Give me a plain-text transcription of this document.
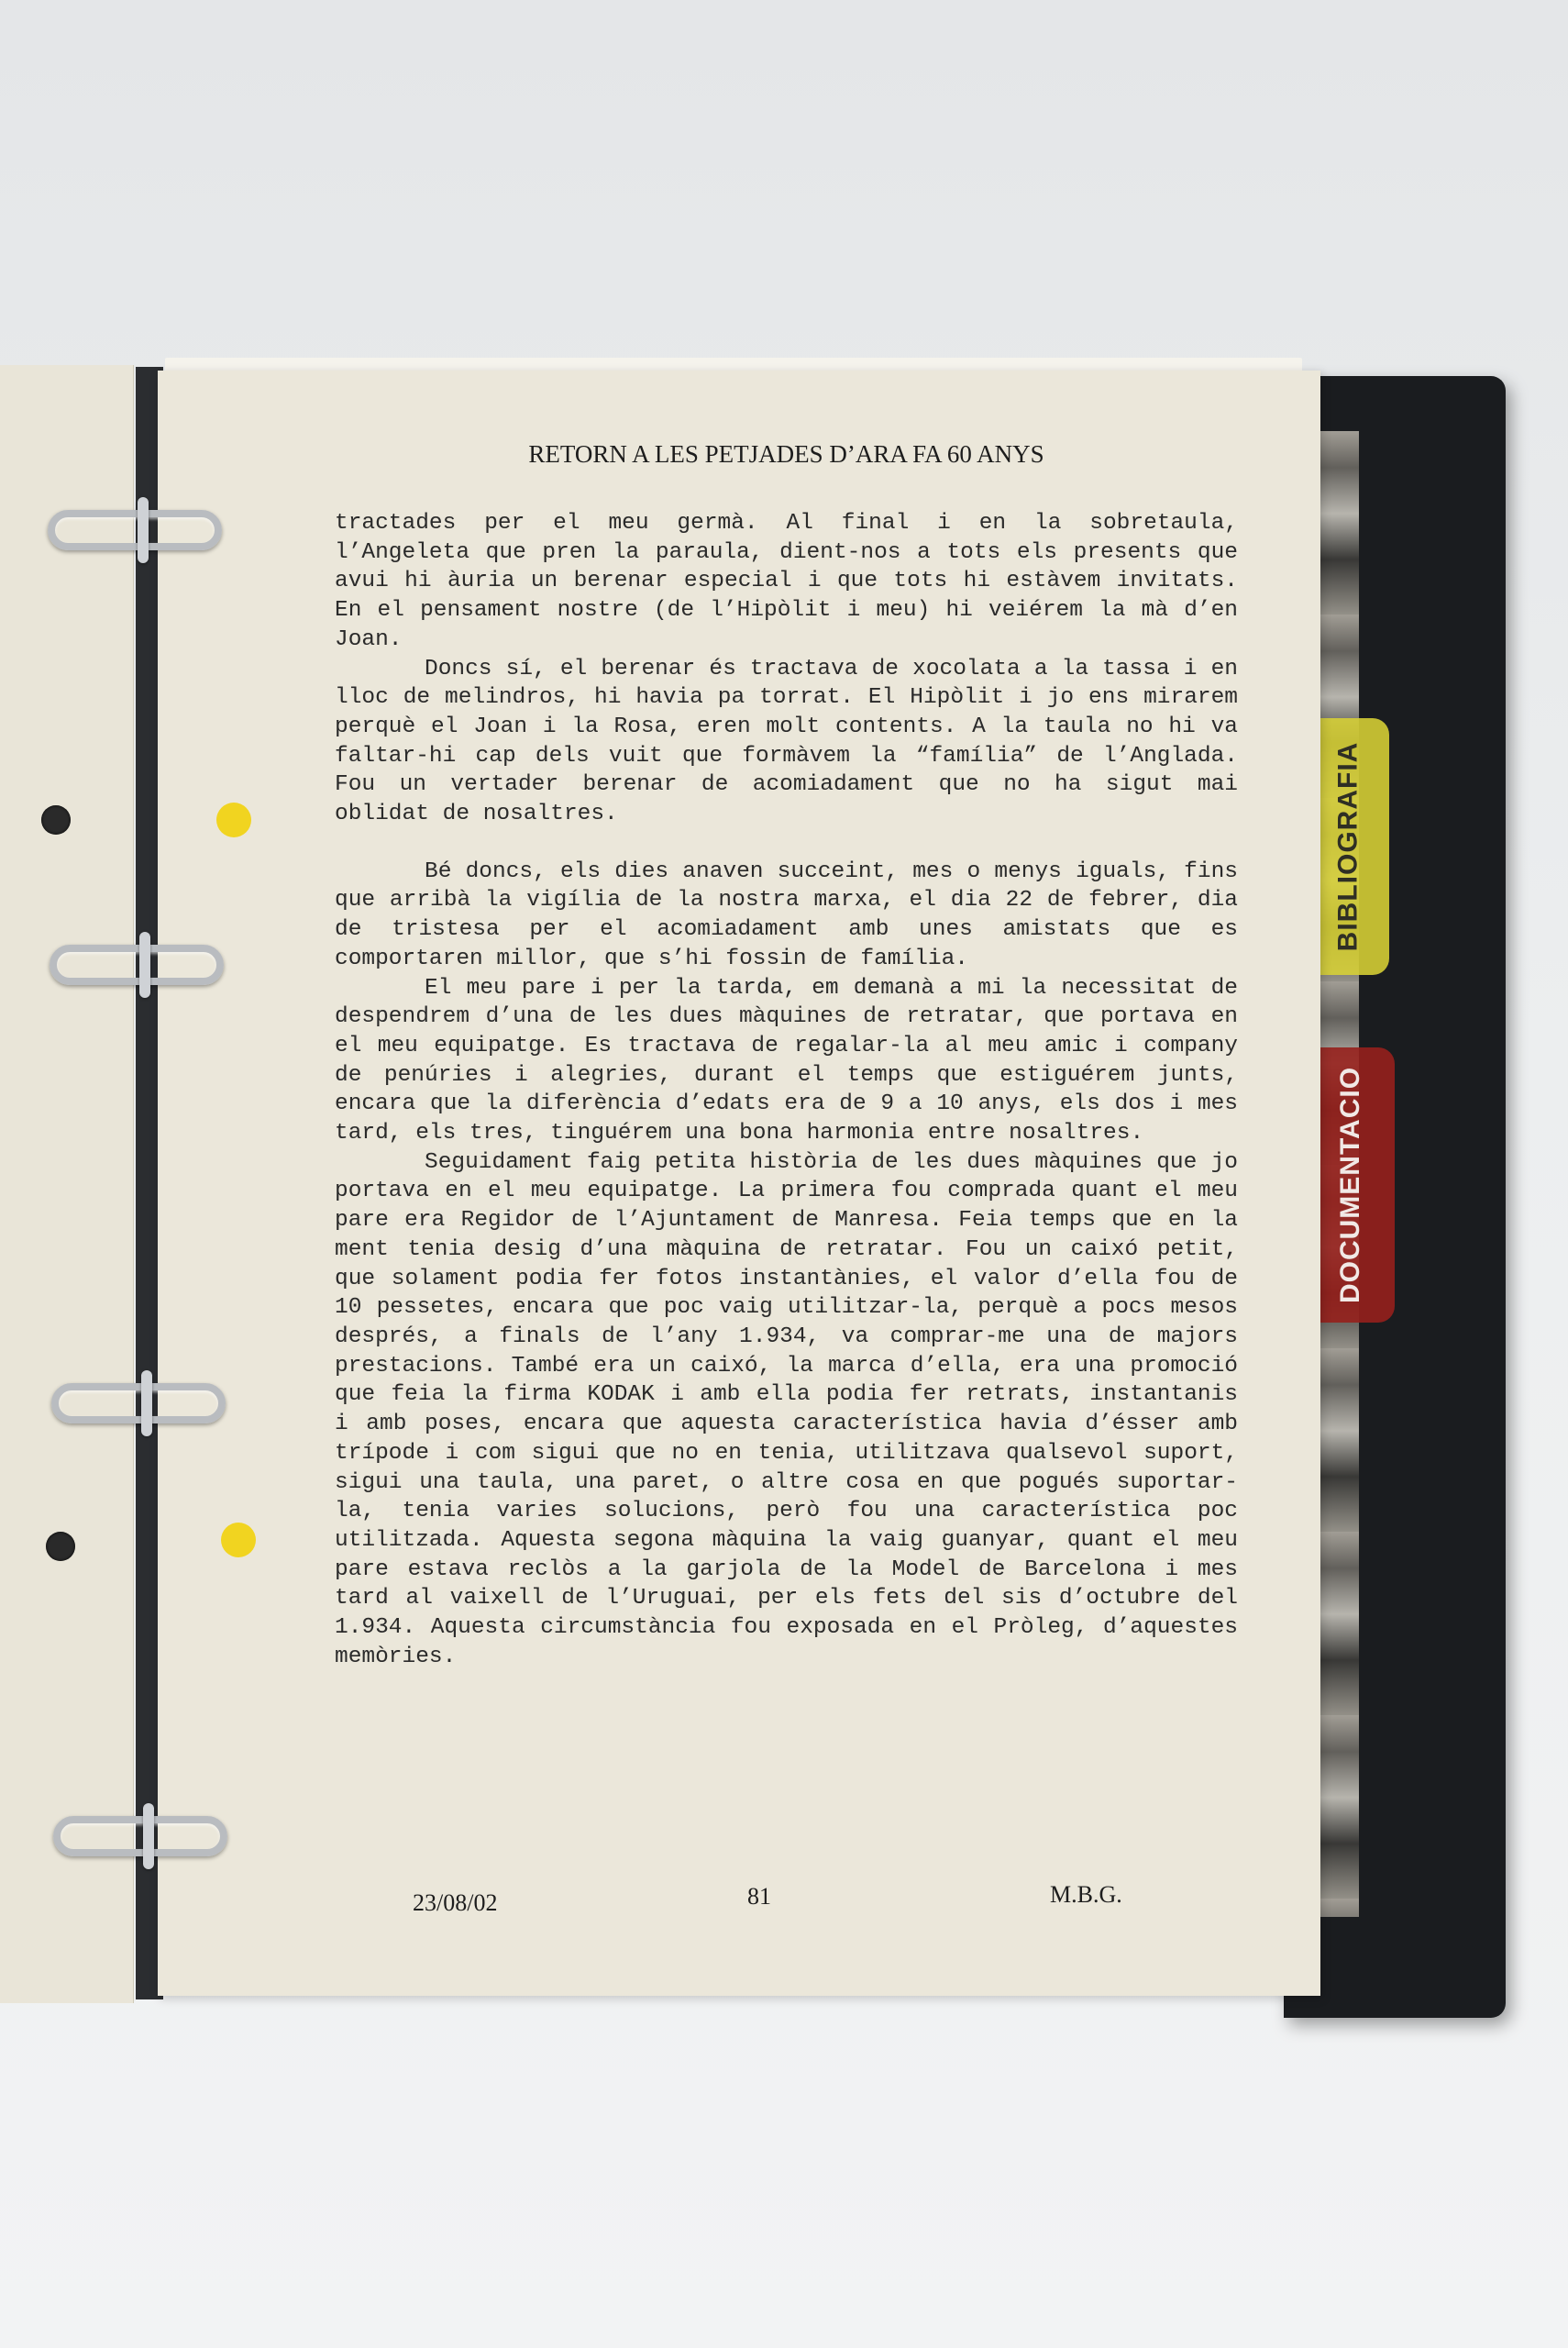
BIBLIOGRAFIA
DOCUMENTACIO
RETORN A LES PETJADES D’ARA FA 60 ANYS

tractades per el meu germà. Al final i en la sobretaula, l’Angeleta que pren la paraula, dient-nos a tots els presents que avui hi àuria un berenar especial i que tots hi estàvem invitats. En el pensament nostre (de l’Hipòlit i meu) hi veiérem la mà d’en Joan.

Doncs sí, el berenar és tractava de xocolata a la tassa i en lloc de melindros, hi havia pa torrat. El Hipòlit i jo ens mirarem perquè el Joan i la Rosa, eren molt contents. A la taula no hi va faltar-hi cap dels vuit que formàvem la “família” de l’Anglada. Fou un vertader berenar de acomiadament que no ha sigut mai oblidat de nosaltres.

Bé doncs, els dies anaven succeint, mes o menys iguals, fins que arribà la vigília de la nostra marxa, el dia 22 de febrer, dia de tristesa per el acomiadament amb unes amistats que es comportaren millor, que s’hi fossin de família.

El meu pare i per la tarda, em demanà a mi la necessitat de despendrem d’una de les dues màquines de retratar, que portava en el meu equipatge. Es tractava de regalar-la al meu amic i company de penúries i alegries, durant el temps que estiguérem junts, encara que la diferència d’edats era de 9 a 10 anys, els dos i mes tard, els tres, tinguérem una bona harmonia entre nosaltres.

Seguidament faig petita història de les dues màquines que jo portava en el meu equipatge. La primera fou comprada quant el meu pare era Regidor de l’Ajuntament de Manresa. Feia temps que en la ment tenia desig d’una màquina de retratar. Fou un caixó petit, que solament podia fer fotos instantànies, el valor d’ella fou de 10 pessetes, encara que poc vaig utilitzar-la, perquè a pocs mesos després, a finals de l’any 1.934, va comprar-me una de majors prestacions. També era un caixó, la marca d’ella, era una promoció que feia la firma KODAK i amb ella podia fer retrats, instantanis i amb poses, encara que aquesta característica havia d’ésser amb trípode i com sigui que no en tenia, utilitzava qualsevol suport, sigui una taula, una paret, o altre cosa en que pogués suportar-la, tenia varies solucions, però fou una característica poc utilitzada. Aquesta segona màquina la vaig guanyar, quant el meu pare estava reclòs a la garjola de la Model de Barcelona i mes tard al vaixell de l’Uruguai, per els fets del sis d’octubre del 1.934. Aquesta circumstància fou exposada en el Pròleg, d’aquestes memòries.

23/08/02	81	M.B.G.
